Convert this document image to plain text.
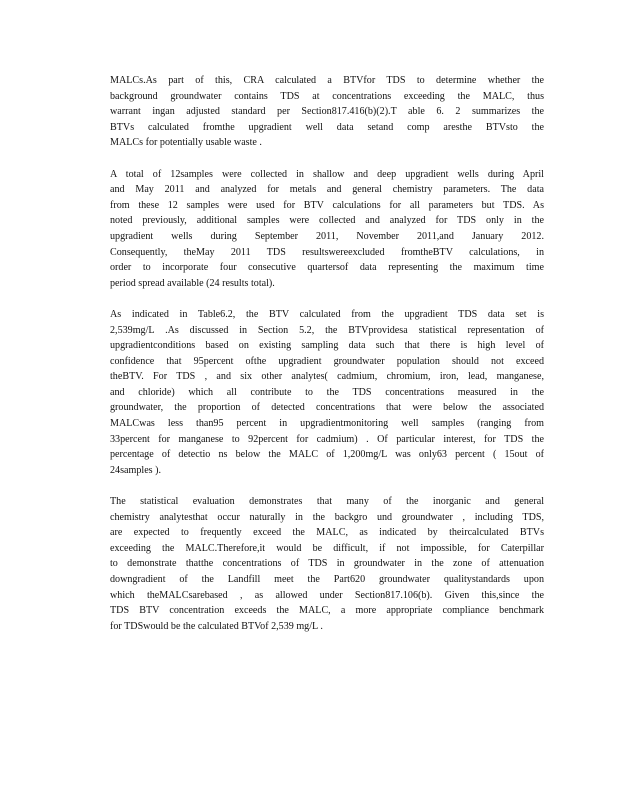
MALCs.As part of this, CRA calculated a BTVfor TDS to determine whether the
background groundwater contains TDS at concentrations exceeding the MALC, thus
warrant ingan adjusted standard per Section817.416(b)(2).T able 6. 2 summarizes the
BTVs calculated fromthe upgradient well data setand comp aresthe BTVsto the
MALCs for potentially usable waste .
A total of 12samples were collected in shallow and deep upgradient wells during April
and May 2011 and analyzed for metals and general chemistry parameters. The data
from these 12 samples were used for BTV calculations for all parameters but TDS. As
noted previously, additional samples were collected and analyzed for TDS only in the
upgradient wells during September 2011, November 2011,and January 2012.
Consequently, theMay 2011 TDS resultswereexcluded fromtheBTV calculations, in
order to incorporate four consecutive quartersof data representing the maximum time
period spread available (24 results total).
As indicated in Table6.2, the BTV calculated from the upgradient TDS data set is
2,539mg/L .As discussed in Section 5.2, the BTVprovidesa statistical representation of
upgradientconditions based on existing sampling data such that there is high level of
confidence that 95percent ofthe upgradient groundwater population should not exceed
theBTV. For TDS , and six other analytes( cadmium, chromium, iron, lead, manganese,
and chloride) which all contribute to the TDS concentrations measured in the
groundwater, the proportion of detected concentrations that were below the associated
MALCwas less than95 percent in upgradientmonitoring well samples (ranging from
33percent for manganese to 92percent for cadmium) . Of particular interest, for TDS the
percentage of detectio ns below the MALC of 1,200mg/L was only63 percent ( 15out of
24samples ).
The statistical evaluation demonstrates that many of the inorganic and general
chemistry analytesthat occur naturally in the backgro und groundwater , including TDS,
are expected to frequently exceed the MALC, as indicated by theircalculated BTVs
exceeding the MALC.Therefore,it would be difficult, if not impossible, for Caterpillar
to demonstrate thatthe concentrations of TDS in groundwater in the zone of attenuation
downgradient of the Landfill meet the Part620 groundwater qualitystandards upon
which theMALCsarebased , as allowed under Section817.106(b). Given this,since the
TDS BTV concentration exceeds the MALC, a more appropriate compliance benchmark
for TDSwould be the calculated BTVof 2,539 mg/L .
